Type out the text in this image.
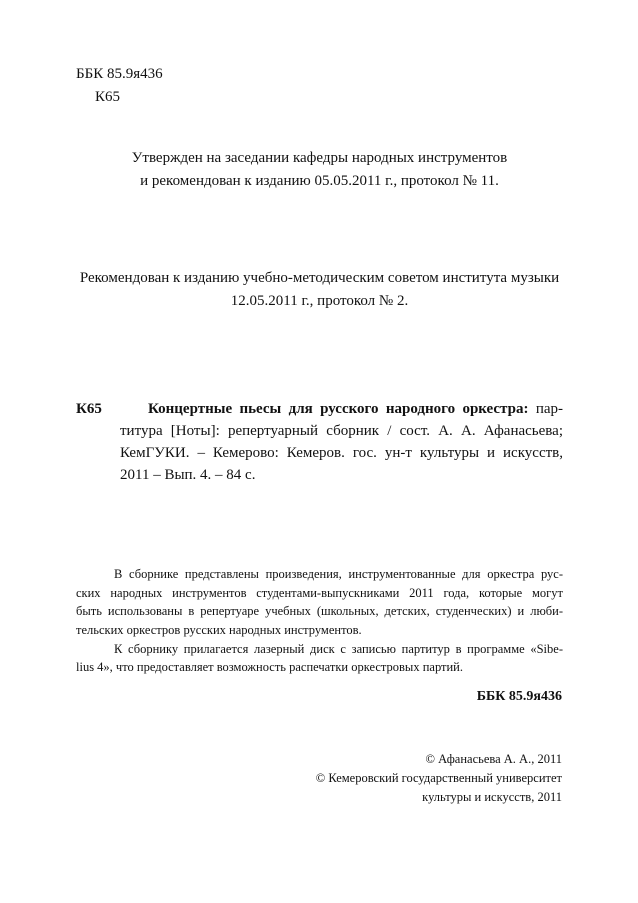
ББК 85.9я436
К65
Утвержден на заседании кафедры народных инструментов
и рекомендован к изданию 05.05.2011 г., протокол № 11.
Рекомендован к изданию учебно-методическим советом института музыки
12.05.2011 г., протокол № 2.
К65	Концертные пьесы для русского народного оркестра: пар-
титура [Ноты]: репертуарный сборник / сост. А. А. Афанасьева;
КемГУКИ. – Кемерово: Кемеров. гос. ун-т культуры и искусств,
2011 – Вып. 4. – 84 с.
В сборнике представлены произведения, инструментованные для оркестра рус-
ских народных инструментов студентами-выпускниками 2011 года, которые могут
быть использованы в репертуаре учебных (школьных, детских, студенческих) и люби-
тельских оркестров русских народных инструментов.
К сборнику прилагается лазерный диск с записью партитур в программе «Sibe-
lius 4», что предоставляет возможность распечатки оркестровых партий.
ББК 85.9я436
© Афанасьева А. А., 2011
© Кемеровский государственный университет
культуры и искусств, 2011
